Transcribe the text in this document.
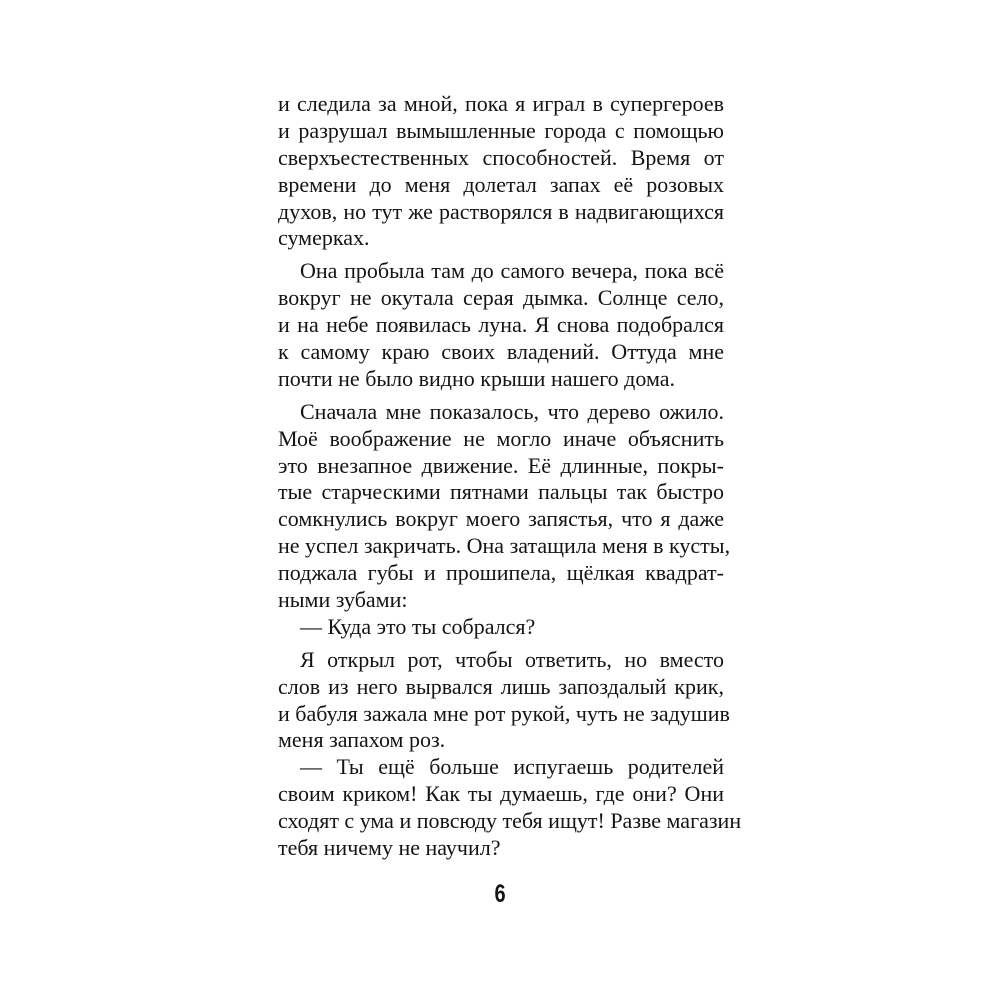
и следила за мной, пока я играл в супергероев
и разрушал вымышленные города с помощью
сверхъестественных способностей. Время от
времени до меня долетал запах её розовых
духов, но тут же растворялся в надвигающихся
сумерках.
Она пробыла там до самого вечера, пока всё
вокруг не окутала серая дымка. Солнце село,
и на небе появилась луна. Я снова подобрался
к самому краю своих владений. Оттуда мне
почти не было видно крыши нашего дома.
Сначала мне показалось, что дерево ожило.
Моё воображение не могло иначе объяснить
это внезапное движение. Её длинные, покры-
тые старческими пятнами пальцы так быстро
сомкнулись вокруг моего запястья, что я даже
не успел закричать. Она затащила меня в кусты,
поджала губы и прошипела, щёлкая квадрат-
ными зубами:
— Куда это ты собрался?
Я открыл рот, чтобы ответить, но вместо
слов из него вырвался лишь запоздалый крик,
и бабуля зажала мне рот рукой, чуть не задушив
меня запахом роз.
— Ты ещё больше испугаешь родителей
своим криком! Как ты думаешь, где они? Они
сходят с ума и повсюду тебя ищут! Разве магазин
тебя ничему не научил?
6
